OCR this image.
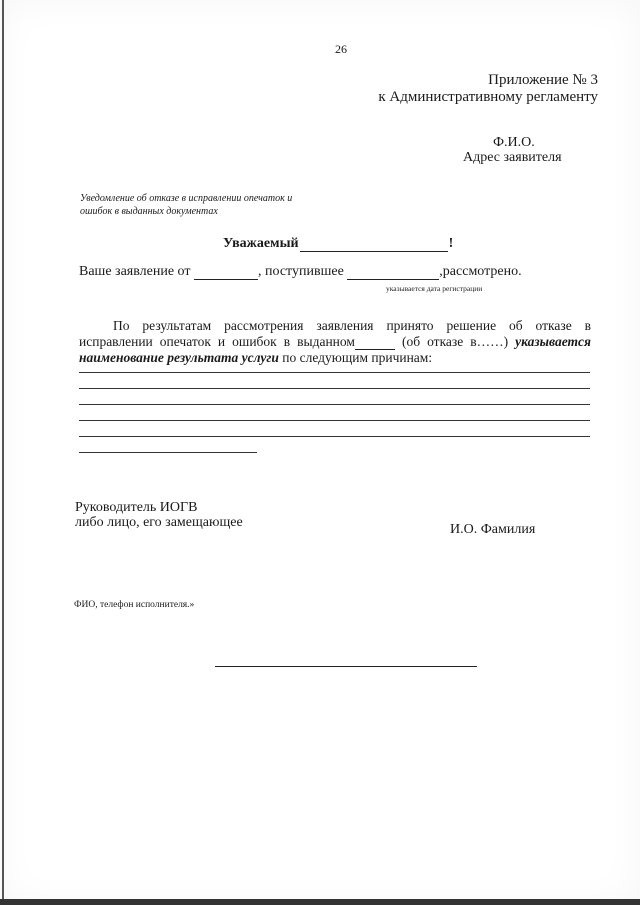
26
Приложение № 3
к Административному регламенту
Ф.И.О.
Адрес заявителя
Уведомление об отказе в исправлении опечаток и ошибок в выданных документах
Уважаемый	!
Ваше заявление от	, поступившее	,рассмотрено.
указывается дата регистрации
По результатам рассмотрения заявления принято решение об отказе в исправлении опечаток и ошибок в выданном	(об отказе в……) указывается наименование результата услуги по следующим причинам:
Руководитель ИОГВ
либо лицо, его замещающее	И.О. Фамилия
ФИО, телефон исполнителя.»
